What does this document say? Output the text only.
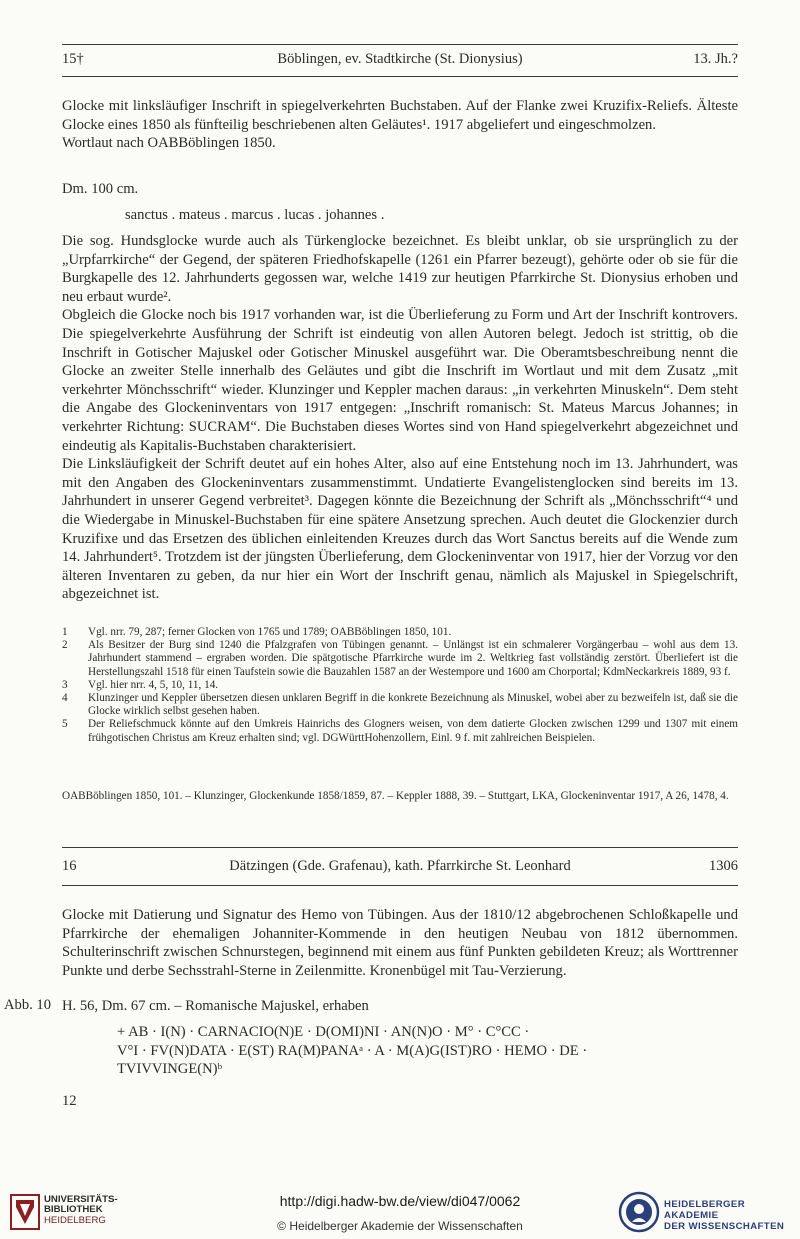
15†	Böblingen, ev. Stadtkirche (St. Dionysius)	13. Jh.?

Glocke mit linksläufiger Inschrift in spiegelverkehrten Buchstaben. Auf der Flanke zwei Kruzifix-Reliefs. Älteste Glocke eines 1850 als fünfteilig beschriebenen alten Geläutes¹. 1917 abgeliefert und eingeschmolzen.

Wortlaut nach OABBöblingen 1850.

Dm. 100 cm.
sanctus . mateus . marcus . lucas . johannes .

Die sog. Hundsglocke wurde auch als Türkenglocke bezeichnet. Es bleibt unklar, ob sie ursprünglich zu der „Urpfarrkirche“ der Gegend, der späteren Friedhofskapelle (1261 ein Pfarrer bezeugt), gehörte oder ob sie für die Burgkapelle des 12. Jahrhunderts gegossen war, welche 1419 zur heutigen Pfarrkirche St. Dionysius erhoben und neu erbaut wurde².

Obgleich die Glocke noch bis 1917 vorhanden war, ist die Überlieferung zu Form und Art der Inschrift kontrovers. Die spiegelverkehrte Ausführung der Schrift ist eindeutig von allen Autoren belegt. Jedoch ist strittig, ob die Inschrift in Gotischer Majuskel oder Gotischer Minuskel ausgeführt war. Die Oberamtsbeschreibung nennt die Glocke an zweiter Stelle innerhalb des Geläutes und gibt die Inschrift im Wortlaut und mit dem Zusatz „mit verkehrter Mönchsschrift“ wieder. Klunzinger und Keppler machen daraus: „in verkehrten Minuskeln“. Dem steht die Angabe des Glockeninventars von 1917 entgegen: „Inschrift romanisch: St. Mateus Marcus Johannes; in verkehrter Richtung: SUCRAM“. Die Buchstaben dieses Wortes sind von Hand spiegelverkehrt abgezeichnet und eindeutig als Kapitalis-Buchstaben charakterisiert.

Die Linksläufigkeit der Schrift deutet auf ein hohes Alter, also auf eine Entstehung noch im 13. Jahrhundert, was mit den Angaben des Glockeninventars zusammenstimmt. Undatierte Evangelistenglocken sind bereits im 13. Jahrhundert in unserer Gegend verbreitet³. Dagegen könnte die Bezeichnung der Schrift als „Mönchsschrift“⁴ und die Wiedergabe in Minuskel-Buchstaben für eine spätere Ansetzung sprechen. Auch deutet die Glockenzier durch Kruzifixe und das Ersetzen des üblichen einleitenden Kreuzes durch das Wort Sanctus bereits auf die Wende zum 14. Jahrhundert⁵. Trotzdem ist der jüngsten Überlieferung, dem Glockeninventar von 1917, hier der Vorzug vor den älteren Inventaren zu geben, da nur hier ein Wort der Inschrift genau, nämlich als Majuskel in Spiegelschrift, abgezeichnet ist.

1	Vgl. nrr. 79, 287; ferner Glocken von 1765 und 1789; OABBöblingen 1850, 101.
2	Als Besitzer der Burg sind 1240 die Pfalzgrafen von Tübingen genannt. – Unlängst ist ein schmalerer Vorgängerbau – wohl aus dem 13. Jahrhundert stammend – ergraben worden. Die spätgotische Pfarrkirche wurde im 2. Weltkrieg fast vollständig zerstört. Überliefert ist die Herstellungszahl 1518 für einen Taufstein sowie die Bauzahlen 1587 an der Westempore und 1600 am Chorportal; KdmNeckarkreis 1889, 93 f.
3	Vgl. hier nrr. 4, 5, 10, 11, 14.
4	Klunzinger und Keppler übersetzen diesen unklaren Begriff in die konkrete Bezeichnung als Minuskel, wobei aber zu bezweifeln ist, daß sie die Glocke wirklich selbst gesehen haben.
5	Der Reliefschmuck könnte auf den Umkreis Hainrichs des Glogners weisen, von dem datierte Glocken zwischen 1299 und 1307 mit einem frühgotischen Christus am Kreuz erhalten sind; vgl. DGWürttHohenzollern, Einl. 9 f. mit zahlreichen Beispielen.
OABBöblingen 1850, 101. – Klunzinger, Glockenkunde 1858/1859, 87. – Keppler 1888, 39. – Stuttgart, LKA, Glockeninventar 1917, A 26, 1478, 4.
16	Dätzingen (Gde. Grafenau), kath. Pfarrkirche St. Leonhard	1306
Glocke mit Datierung und Signatur des Hemo von Tübingen. Aus der 1810/12 abgebrochenen Schloßkapelle und Pfarrkirche der ehemaligen Johanniter-Kommende in den heutigen Neubau von 1812 übernommen. Schulterinschrift zwischen Schnurstegen, beginnend mit einem aus fünf Punkten gebildeten Kreuz; als Worttrenner Punkte und derbe Sechsstrahl-Sterne in Zeilenmitte. Kronenbügel mit Tau-Verzierung.
Abb. 10 H. 56, Dm. 67 cm. – Romanische Majuskel, erhaben
+ AB · I(N) · CARNACIO(N)E · D(OMI)NI · AN(N)O · M° · C°CC ·
V°I · FV(N)DATA · E(ST) RA(M)PANAᵃ · A · M(A)G(IST)RO · HEMO · DE ·
TVIVVINGE(N)ᵇ
12
UNIVERSITÄTS-
BIBLIOTHEK
HEIDELBERG
http://digi.hadw-bw.de/view/di047/0062
© Heidelberger Akademie der Wissenschaften
HEIDELBERGER AKADEMIE
DER WISSENSCHAFTEN
